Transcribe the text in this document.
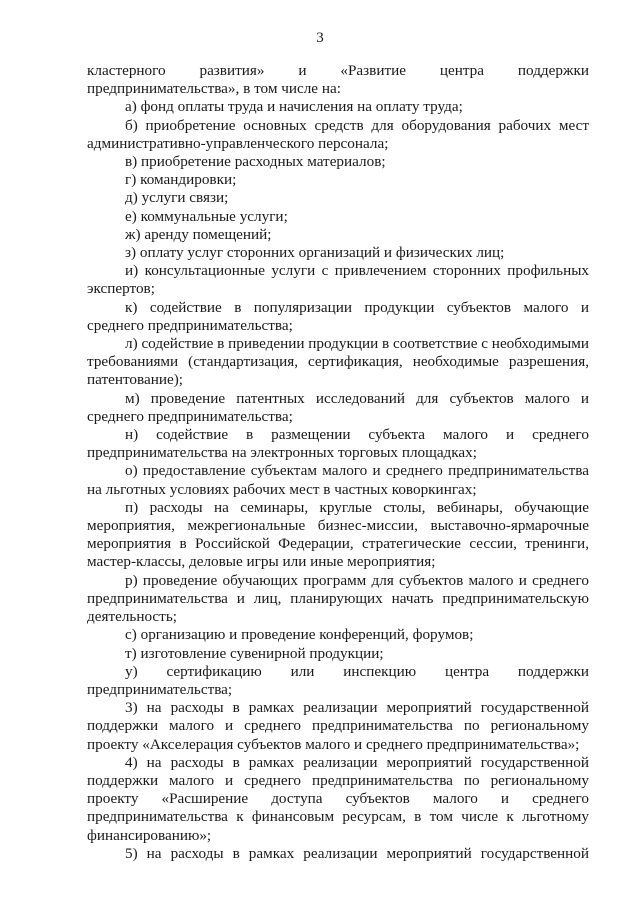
3

кластерного развития» и «Развитие центра поддержки предпринимательства», в том числе на:

а) фонд оплаты труда и начисления на оплату труда;

б) приобретение основных средств для оборудования рабочих мест административно-управленческого персонала;

в) приобретение расходных материалов;

г) командировки;

д) услуги связи;

е) коммунальные услуги;

ж) аренду помещений;

з) оплату услуг сторонних организаций и физических лиц;

и) консультационные услуги с привлечением сторонних профильных экспертов;

к) содействие в популяризации продукции субъектов малого и среднего предпринимательства;

л) содействие в приведении продукции в соответствие с необходимыми требованиями (стандартизация, сертификация, необходимые разрешения, патентование);

м) проведение патентных исследований для субъектов малого и среднего предпринимательства;

н) содействие в размещении субъекта малого и среднего предпринимательства на электронных торговых площадках;

о) предоставление субъектам малого и среднего предпринимательства на льготных условиях рабочих мест в частных коворкингах;

п) расходы на семинары, круглые столы, вебинары, обучающие мероприятия, межрегиональные бизнес-миссии, выставочно-ярмарочные мероприятия в Российской Федерации, стратегические сессии, тренинги, мастер-классы, деловые игры или иные мероприятия;

р) проведение обучающих программ для субъектов малого и среднего предпринимательства и лиц, планирующих начать предпринимательскую деятельность;

с) организацию и проведение конференций, форумов;

т) изготовление сувенирной продукции;

у) сертификацию или инспекцию центра поддержки предпринимательства;

3) на расходы в рамках реализации мероприятий государственной поддержки малого и среднего предпринимательства по региональному проекту «Акселерация субъектов малого и среднего предпринимательства»;

4) на расходы в рамках реализации мероприятий государственной поддержки малого и среднего предпринимательства по региональному проекту «Расширение доступа субъектов малого и среднего предпринимательства к финансовым ресурсам, в том числе к льготному финансированию»;

5) на расходы в рамках реализации мероприятий государственной
